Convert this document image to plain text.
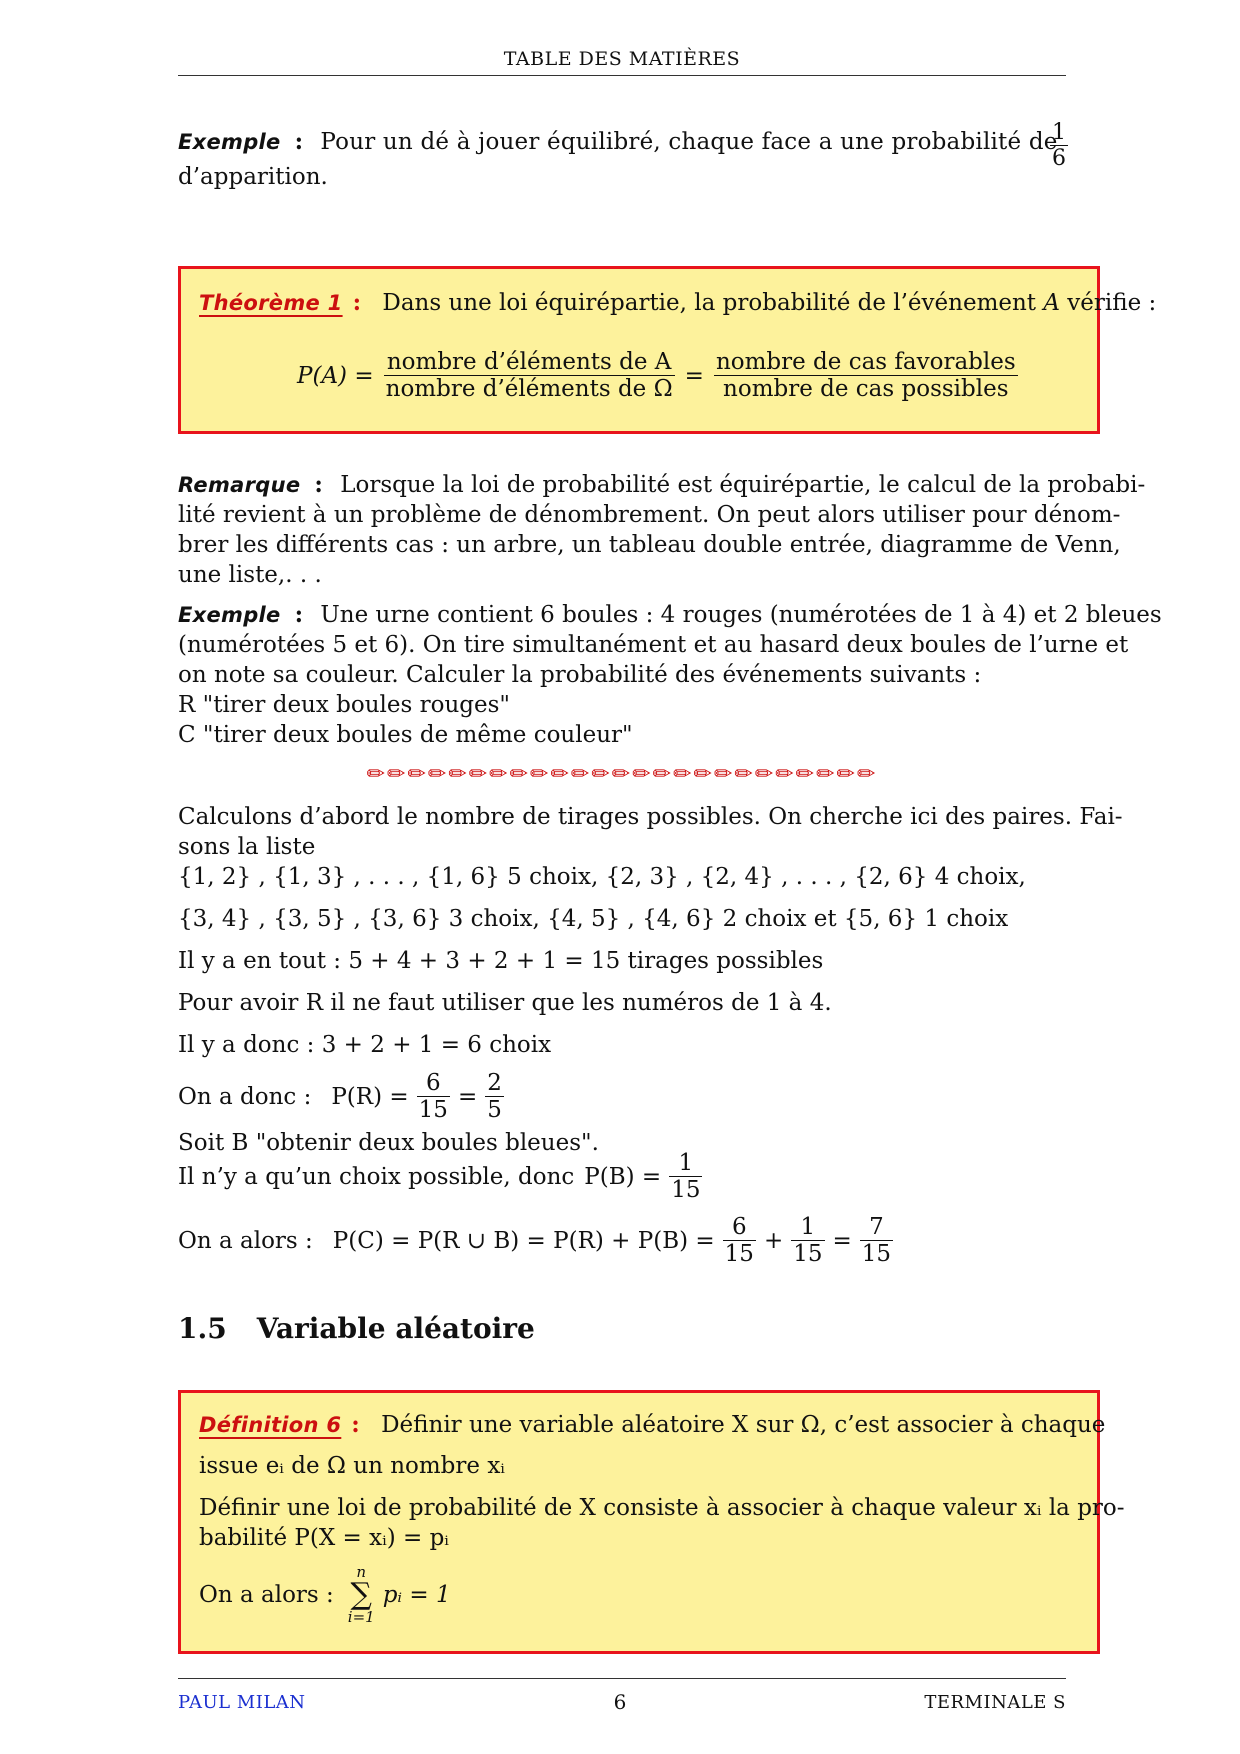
TABLE DES MATIÈRES
Exemple : Pour un dé à jouer équilibré, chaque face a une probabilité de
$\frac{1}{6}$
d’apparition.
Théorème 1 : Dans une loi équirépartie, la probabilité de l’événement A vérifie :
$P(A) = \frac{\text{nombre d’éléments de A}}{\text{nombre d’éléments de Ω}} = \frac{\text{nombre de cas favorables}}{\text{nombre de cas possibles}}$
Remarque : Lorsque la loi de probabilité est équirépartie, le calcul de la probabi-
lité revient à un problème de dénombrement. On peut alors utiliser pour dénom-
brer les différents cas : un arbre, un tableau double entrée, diagramme de Venn,
une liste,. . .
Exemple : Une urne contient 6 boules : 4 rouges (numérotées de 1 à 4) et 2 bleues
(numérotées 5 et 6). On tire simultanément et au hasard deux boules de l’urne et
on note sa couleur. Calculer la probabilité des événements suivants :
R "tirer deux boules rouges"
C "tirer deux boules de même couleur"
✏✏✏✏✏✏✏✏✏✏✏✏✏✏✏✏✏✏✏✏✏✏✏✏✏
Calculons d’abord le nombre de tirages possibles. On cherche ici des paires. Fai-
sons la liste
{1, 2} , {1, 3} , . . . , {1, 6} 5 choix, {2, 3} , {2, 4} , . . . , {2, 6} 4 choix,
{3, 4} , {3, 5} , {3, 6} 3 choix, {4, 5} , {4, 6} 2 choix et {5, 6} 1 choix
Il y a en tout : 5 + 4 + 3 + 2 + 1 = 15 tirages possibles
Pour avoir R il ne faut utiliser que les numéros de 1 à 4.
Il y a donc : 3 + 2 + 1 = 6 choix
On a donc : $P(R) = \frac{6}{15} = \frac{2}{5}$
Soit B "obtenir deux boules bleues".
Il n’y a qu’un choix possible, donc $P(B) = \frac{1}{15}$
On a alors : P(C) = P(R ∪ $B) = P(R) + P(B) = \frac{6}{15} + \frac{1}{15} = \frac{7}{15}$
1.5 Variable aléatoire
Définition 6 : Définir une variable aléatoire X sur Ω, c’est associer à chaque
issue eᵢ de Ω un nombre xᵢ
Définir une loi de probabilité de X consiste à associer à chaque valeur xᵢ la pro-
babilité P(X = xᵢ) = pᵢ
On a alors :
n
∑
i=1
pᵢ = 1
PAUL MILAN	6	TERMINALE S
